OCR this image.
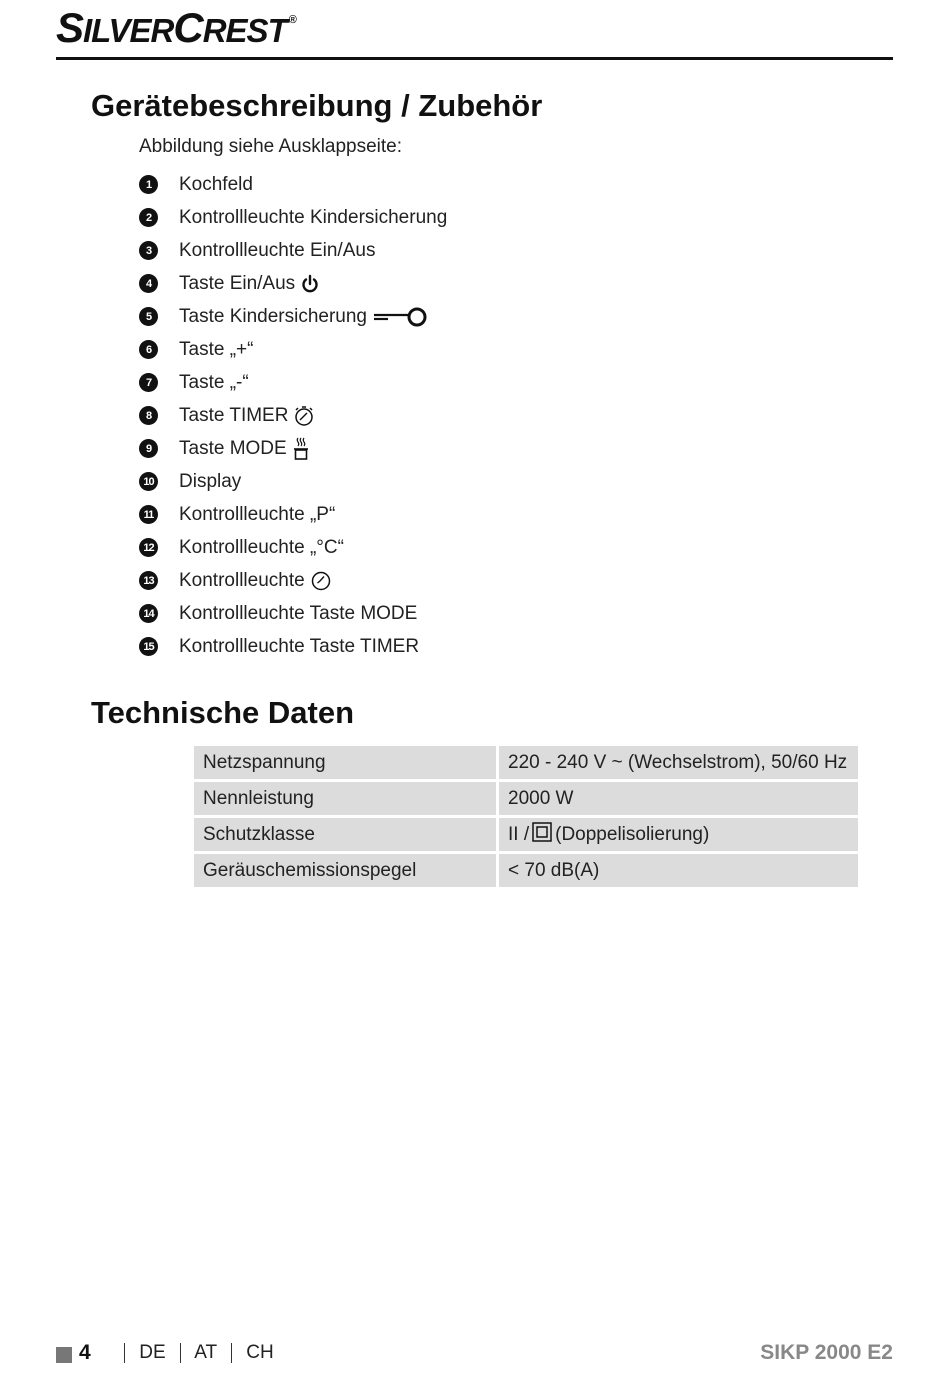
SILVERCREST ®
Gerätebeschreibung / Zubehör
Abbildung siehe Ausklappseite:
1	Kochfeld
2	Kontrollleuchte Kindersicherung
3	Kontrollleuchte Ein/Aus
4	Taste Ein/Aus
5	Taste Kindersicherung
6	Taste „+“
7	Taste „-“
8	Taste TIMER
9	Taste MODE
10 Display
11 Kontrollleuchte „P“
12 Kontrollleuchte „°C“
13 Kontrollleuchte
14 Kontrollleuchte Taste MODE
15 Kontrollleuchte Taste TIMER
Technische Daten
Netzspannung	220 - 240 V ~ (Wechselstrom), 50/60 Hz
Nennleistung	2000 W
Schutzklasse	II / (Doppelisolierung)
Geräuschemissionspegel	< 70 dB(A)
4	DE AT CH	SIKP 2000 E2
